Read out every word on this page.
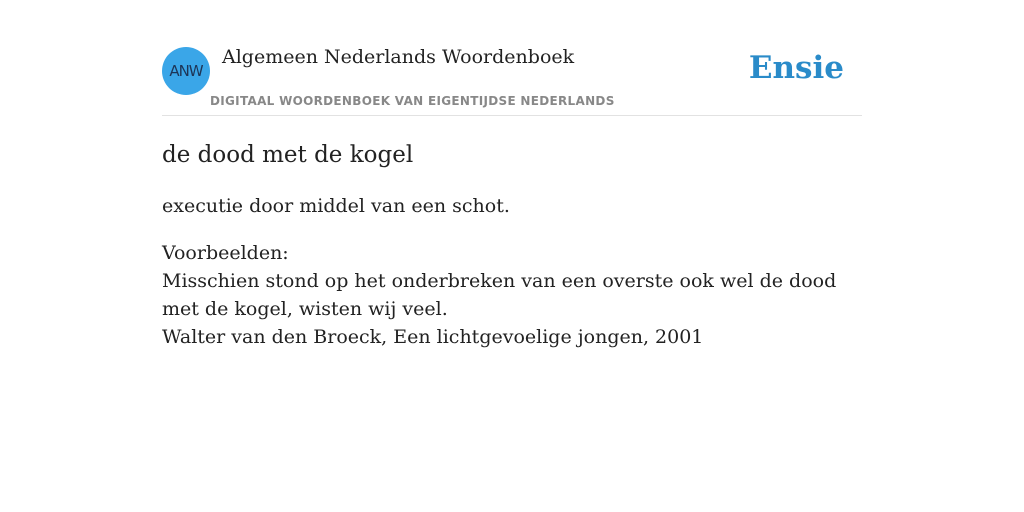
ANW
Algemeen Nederlands Woordenboek
DIGITAAL WOORDENBOEK VAN EIGENTIJDSE NEDERLANDS
Ensie
de dood met de kogel

executie door middel van een schot.

Voorbeelden:
Misschien stond op het onderbreken van een overste ook wel de dood met de kogel, wisten wij veel.
Walter van den Broeck, Een lichtgevoelige jongen, 2001
